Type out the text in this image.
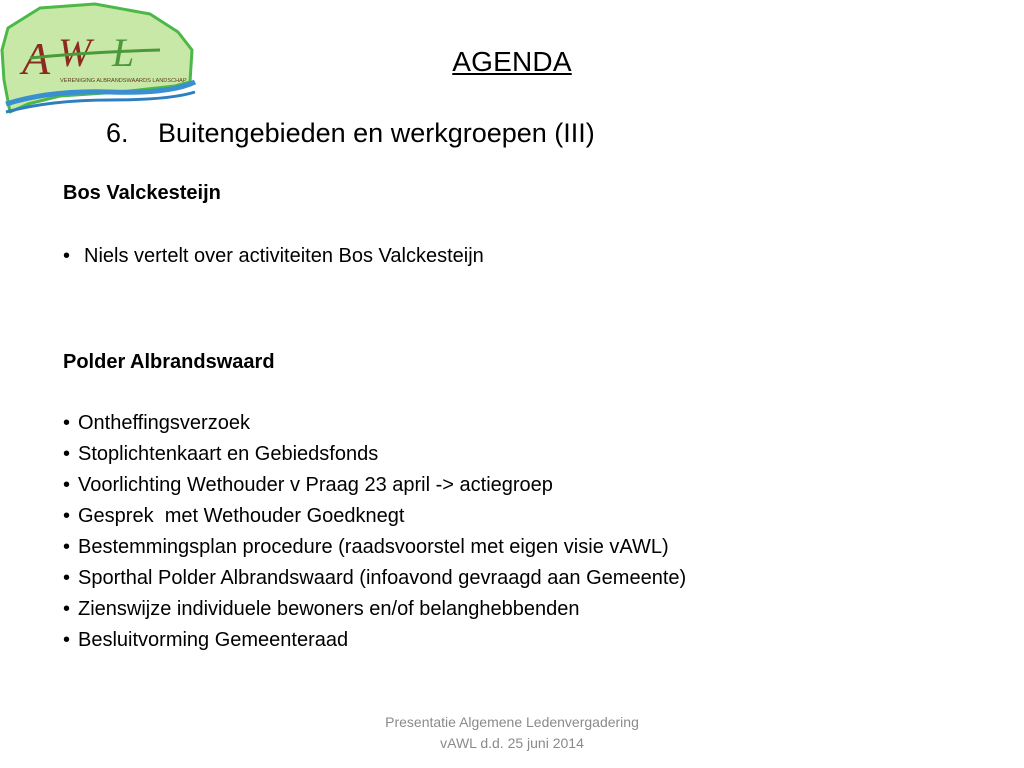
A W L
VERENIGING ALBRANDSWAARDS LANDSCHAP
AGENDA
6.	Buitengebieden en werkgroepen (III)
Bos Valckesteijn
• Niels vertelt over activiteiten Bos Valckesteijn
Polder Albrandswaard
• Ontheffingsverzoek
• Stoplichtenkaart en Gebiedsfonds
• Voorlichting Wethouder v Praag 23 april -> actiegroep
• Gesprek  met Wethouder Goedknegt
• Bestemmingsplan procedure (raadsvoorstel met eigen visie vAWL)
• Sporthal Polder Albrandswaard (infoavond gevraagd aan Gemeente)
• Zienswijze individuele bewoners en/of belanghebbenden
• Besluitvorming Gemeenteraad
Presentatie Algemene Ledenvergadering
vAWL d.d. 25 juni 2014
